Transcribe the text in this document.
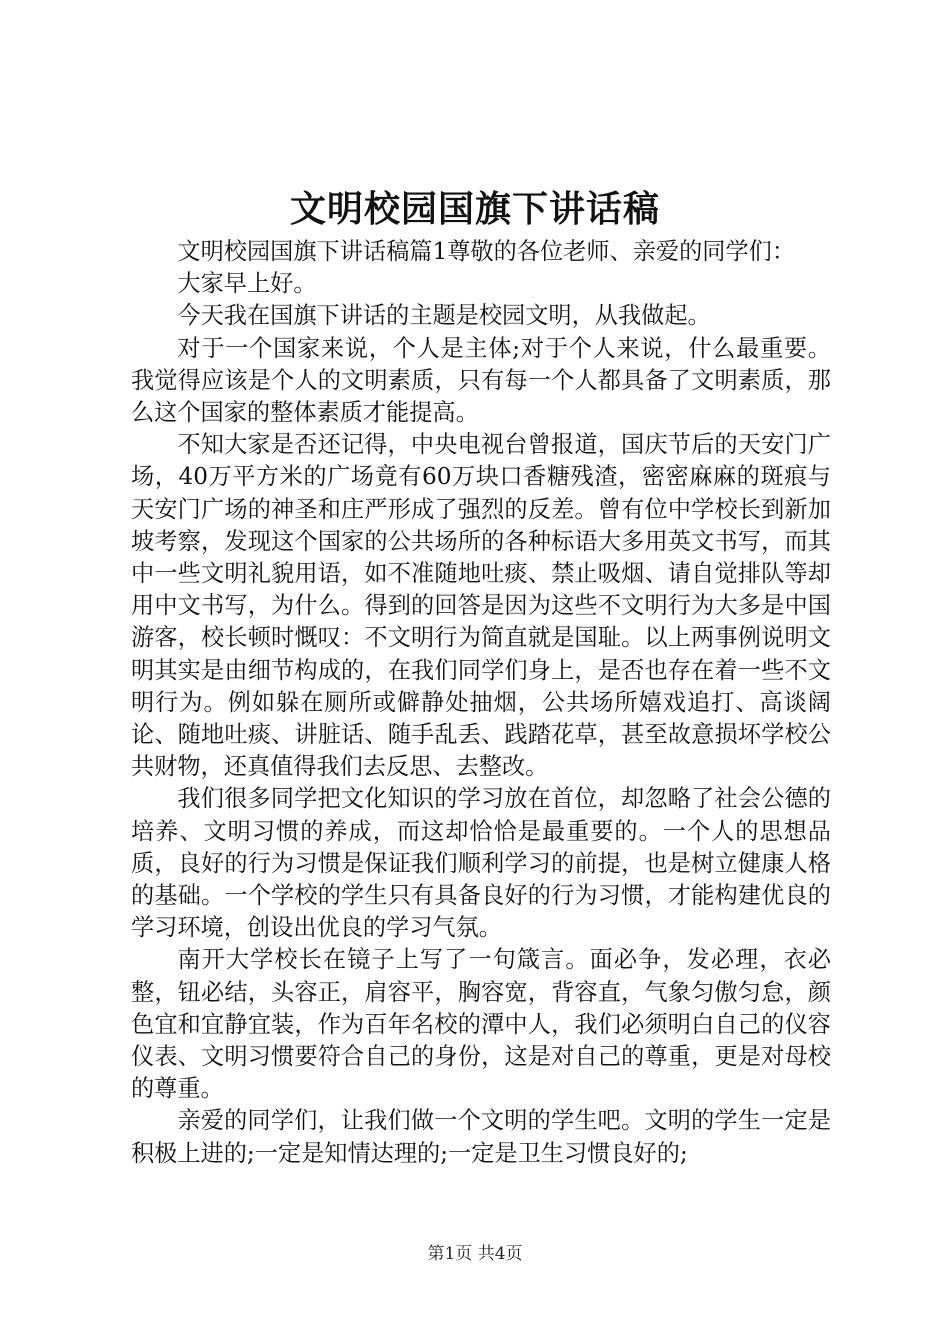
文明校园国旗下讲话稿

文明校园国旗下讲话稿篇1尊敬的各位老师、亲爱的同学们：

大家早上好。

今天我在国旗下讲话的主题是校园文明，从我做起。

对于一个国家来说，个人是主体;对于个人来说，什么最重要。我觉得应该是个人的文明素质，只有每一个人都具备了文明素质，那么这个国家的整体素质才能提高。

不知大家是否还记得，中央电视台曾报道，国庆节后的天安门广场，40万平方米的广场竟有60万块口香糖残渣，密密麻麻的斑痕与天安门广场的神圣和庄严形成了强烈的反差。曾有位中学校长到新加坡考察，发现这个国家的公共场所的各种标语大多用英文书写，而其中一些文明礼貌用语，如不准随地吐痰、禁止吸烟、请自觉排队等却用中文书写，为什么。得到的回答是因为这些不文明行为大多是中国游客，校长顿时慨叹：不文明行为简直就是国耻。以上两事例说明文明其实是由细节构成的，在我们同学们身上，是否也存在着一些不文明行为。例如躲在厕所或僻静处抽烟，公共场所嬉戏追打、高谈阔论、随地吐痰、讲脏话、随手乱丢、践踏花草，甚至故意损坏学校公共财物，还真值得我们去反思、去整改。

我们很多同学把文化知识的学习放在首位，却忽略了社会公德的培养、文明习惯的养成，而这却恰恰是最重要的。一个人的思想品质，良好的行为习惯是保证我们顺利学习的前提，也是树立健康人格的基础。一个学校的学生只有具备良好的行为习惯，才能构建优良的学习环境，创设出优良的学习气氛。

南开大学校长在镜子上写了一句箴言。面必争，发必理，衣必整，钮必结，头容正，肩容平，胸容宽，背容直，气象匀傲匀怠，颜色宜和宜静宜装，作为百年名校的潭中人，我们必须明白自己的仪容仪表、文明习惯要符合自己的身份，这是对自己的尊重，更是对母校的尊重。

亲爱的同学们，让我们做一个文明的学生吧。文明的学生一定是积极上进的;一定是知情达理的;一定是卫生习惯良好的;

第1页 共4页
